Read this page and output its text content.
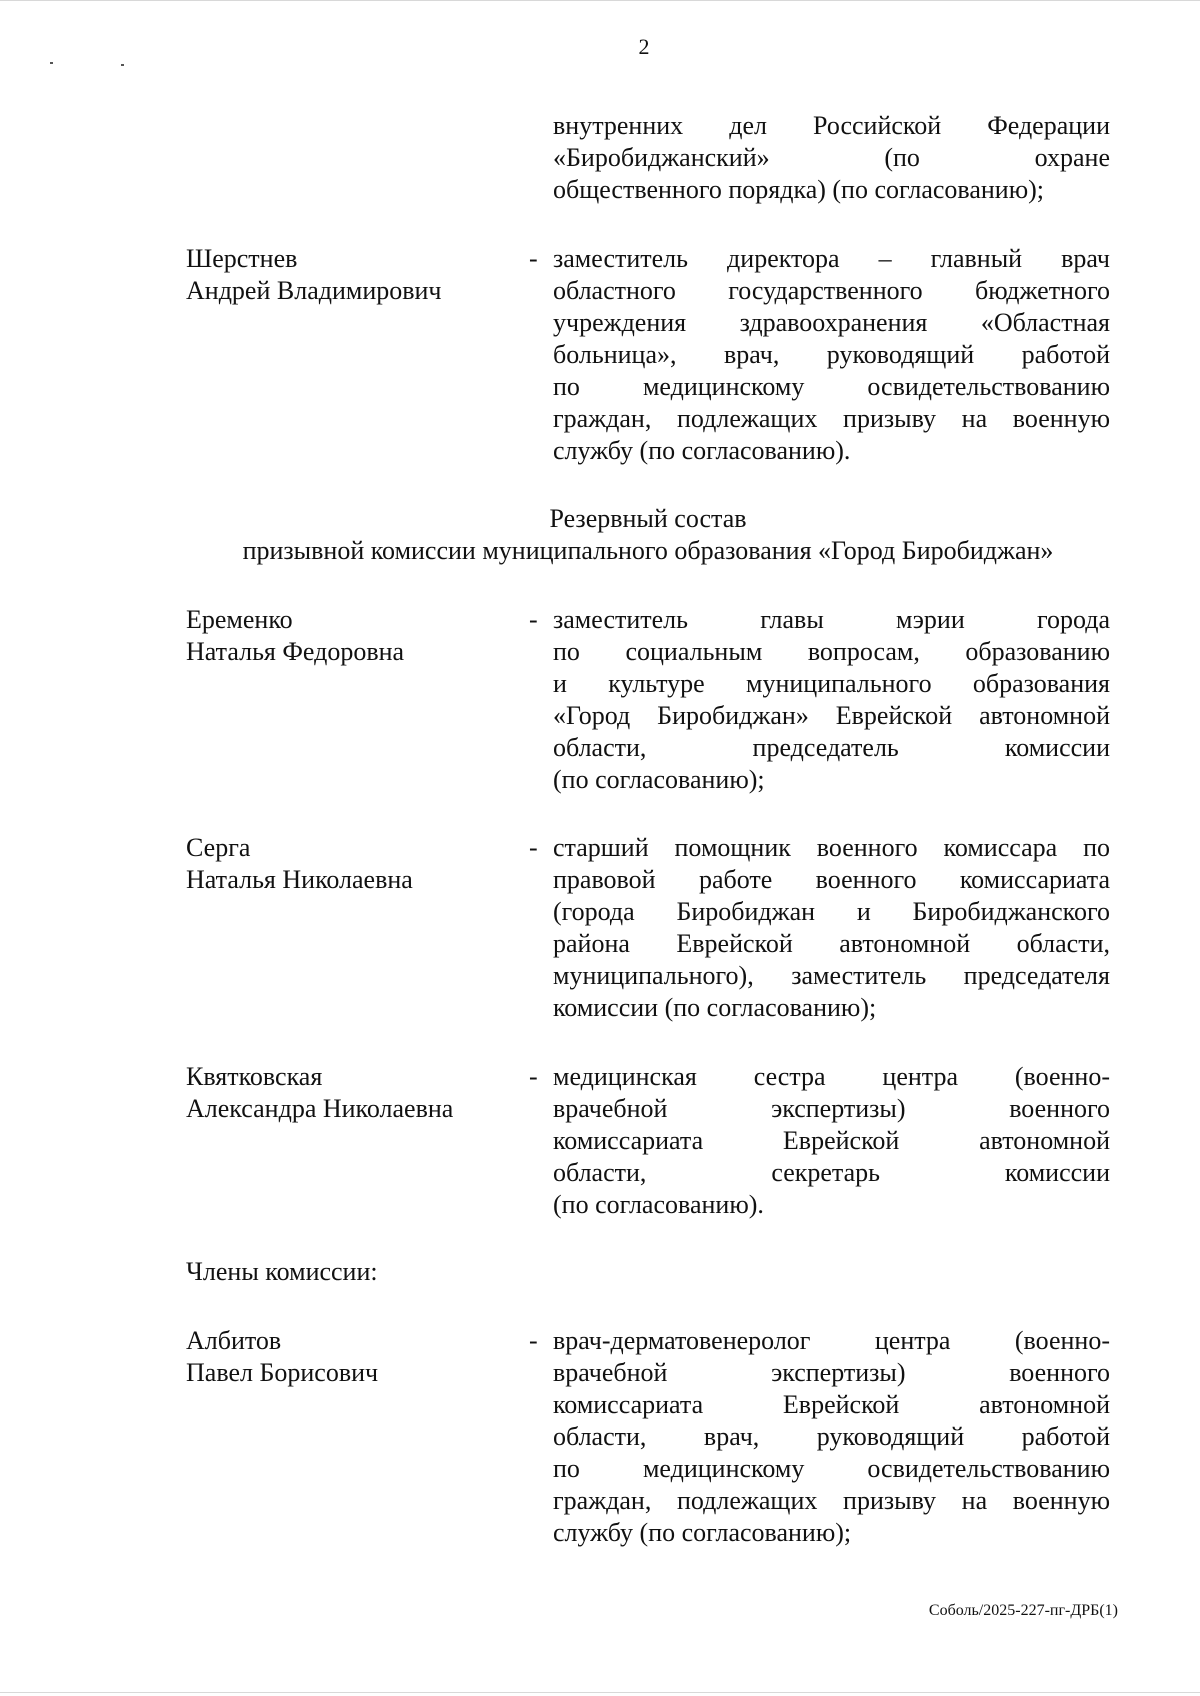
2
внутренних дел Российской Федерации
«Биробиджанский» (по охране
общественного порядка) (по согласованию);
Шерстнев
Андрей Владимирович
- заместитель директора – главный врач
областного государственного бюджетного
учреждения здравоохранения «Областная
больница», врач, руководящий работой
по медицинскому освидетельствованию
граждан, подлежащих призыву на военную
службу (по согласованию).
Резервный состав
призывной комиссии муниципального образования «Город Биробиджан»
Еременко
Наталья Федоровна
- заместитель главы мэрии города
по социальным вопросам, образованию
и культуре муниципального образования
«Город Биробиджан» Еврейской автономной
области, председатель комиссии
(по согласованию);
Серга
Наталья Николаевна
- старший помощник военного комиссара по
правовой работе военного комиссариата
(города Биробиджан и Биробиджанского
района Еврейской автономной области,
муниципального), заместитель председателя
комиссии (по согласованию);
Квятковская
Александра Николаевна
- медицинская сестра центра (военно-
врачебной экспертизы) военного
комиссариата Еврейской автономной
области, секретарь комиссии
(по согласованию).
Члены комиссии:
Албитов
Павел Борисович
- врач-дерматовенеролог центра (военно-
врачебной экспертизы) военного
комиссариата Еврейской автономной
области, врач, руководящий работой
по медицинскому освидетельствованию
граждан, подлежащих призыву на военную
службу (по согласованию);
Соболь/2025-227-пг-ДРБ(1)
